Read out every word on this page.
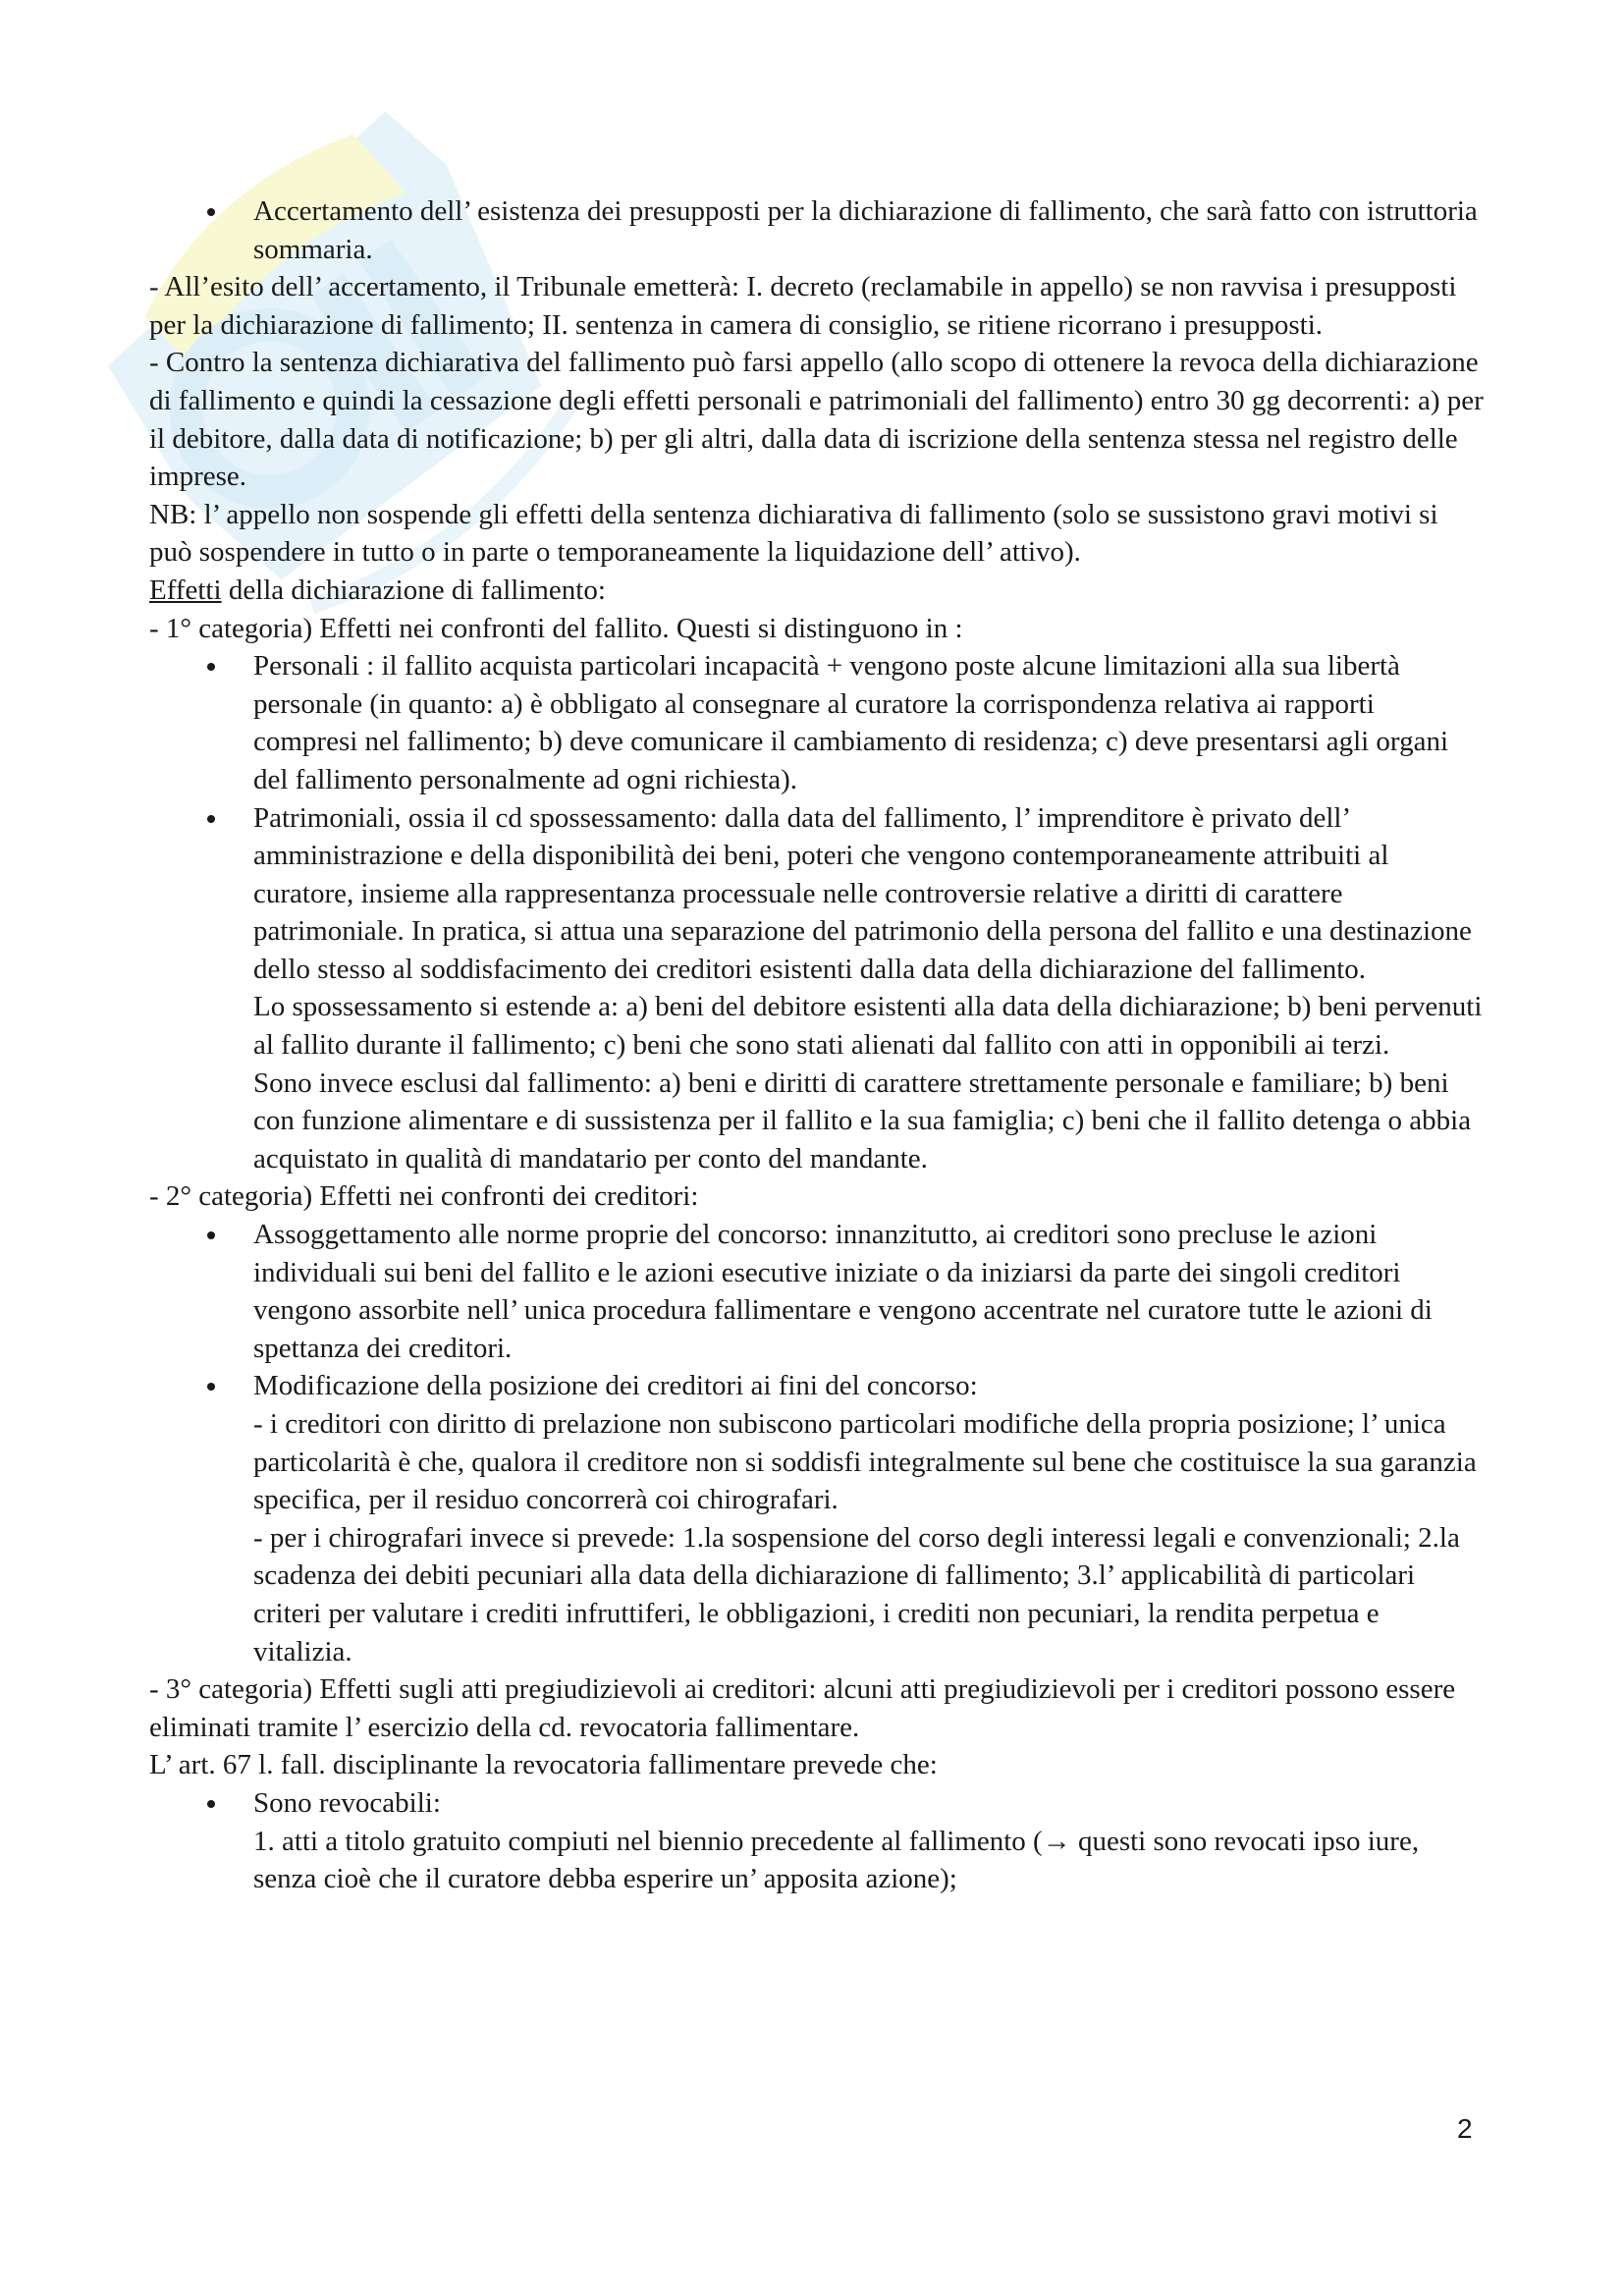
Accertamento dell’ esistenza dei presupposti per la dichiarazione di fallimento, che sarà fatto con istruttoria sommaria.

- All’esito dell’ accertamento, il Tribunale emetterà: I. decreto (reclamabile in appello) se non ravvisa i presupposti per la dichiarazione di fallimento; II. sentenza in camera di consiglio, se ritiene ricorrano i presupposti.

- Contro la sentenza dichiarativa del fallimento può farsi appello (allo scopo di ottenere la revoca della dichiarazione di fallimento e quindi la cessazione degli effetti personali e patrimoniali del fallimento) entro 30 gg decorrenti: a) per il debitore, dalla data di notificazione; b) per gli altri, dalla data di iscrizione della sentenza stessa nel registro delle imprese.

NB: l’ appello non sospende gli effetti della sentenza dichiarativa di fallimento (solo se sussistono gravi motivi si può sospendere in tutto o in parte o temporaneamente la liquidazione dell’ attivo).

Effetti della dichiarazione di fallimento:

- 1° categoria) Effetti nei confronti del fallito. Questi si distinguono in :

Personali : il fallito acquista particolari incapacità + vengono poste alcune limitazioni alla sua libertà personale (in quanto: a) è obbligato al consegnare al curatore la corrispondenza relativa ai rapporti compresi nel fallimento; b) deve comunicare il cambiamento di residenza; c) deve presentarsi agli organi del fallimento personalmente ad ogni richiesta).

Patrimoniali, ossia il cd spossessamento: dalla data del fallimento, l’ imprenditore è privato dell’ amministrazione e della disponibilità dei beni, poteri che vengono contemporaneamente attribuiti al curatore, insieme alla rappresentanza processuale nelle controversie relative a diritti di carattere patrimoniale. In pratica, si attua una separazione del patrimonio della persona del fallito e una destinazione dello stesso al soddisfacimento dei creditori esistenti dalla data della dichiarazione del fallimento.

Lo spossessamento si estende a: a) beni del debitore esistenti alla data della dichiarazione; b) beni pervenuti al fallito durante il fallimento; c) beni che sono stati alienati dal fallito con atti in opponibili ai terzi.

Sono invece esclusi dal fallimento: a) beni e diritti di carattere strettamente personale e familiare; b) beni con funzione alimentare e di sussistenza per il fallito e la sua famiglia; c) beni che il fallito detenga o abbia acquistato in qualità di mandatario per conto del mandante.

- 2° categoria) Effetti nei confronti dei creditori:

Assoggettamento alle norme proprie del concorso: innanzitutto, ai creditori sono precluse le azioni individuali sui beni del fallito e le azioni esecutive iniziate o da iniziarsi da parte dei singoli creditori vengono assorbite nell’ unica procedura fallimentare e vengono accentrate nel curatore tutte le azioni di spettanza dei creditori.

Modificazione della posizione dei creditori ai fini del concorso:

- i creditori con diritto di prelazione non subiscono particolari modifiche della propria posizione; l’ unica particolarità è che, qualora il creditore non si soddisfi integralmente sul bene che costituisce la sua garanzia specifica, per il residuo concorrerà coi chirografari.

- per i chirografari invece si prevede: 1.la sospensione del corso degli interessi legali e convenzionali; 2.la scadenza dei debiti pecuniari alla data della dichiarazione di fallimento; 3.l’ applicabilità di particolari criteri per valutare i crediti infruttiferi, le obbligazioni, i crediti non pecuniari, la rendita perpetua e vitalizia.

- 3° categoria) Effetti sugli atti pregiudizievoli ai creditori: alcuni atti pregiudizievoli per i creditori possono essere eliminati tramite l’ esercizio della cd. revocatoria fallimentare.

L’ art. 67 l. fall. disciplinante la revocatoria fallimentare prevede che:

Sono revocabili:

1. atti a titolo gratuito compiuti nel biennio precedente al fallimento (→ questi sono revocati ipso iure, senza cioè che il curatore debba esperire un’ apposita azione);

2
